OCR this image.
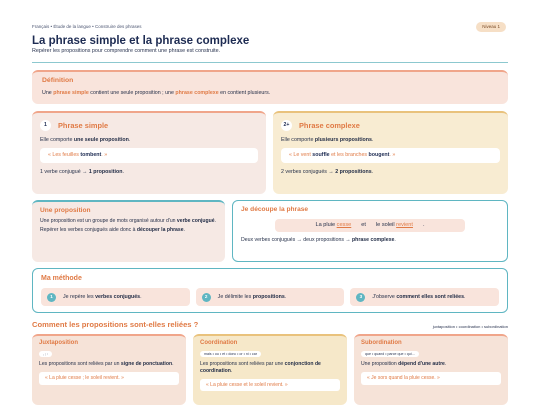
Français • Étude de la langue • Construire des phrases	Niveau 1
La phrase simple et la phrase complexe
Repérer les propositions pour comprendre comment une phrase est construite.
Définition
Une phrase simple contient une seule proposition ; une phrase complexe en contient plusieurs.
1	Phrase simple
Elle comporte une seule proposition.
« Les feuilles tombent. »
1 verbe conjugué → 1 proposition.
2+	Phrase complexe
Elle comporte plusieurs propositions.
« Le vent souffle et les branches bougent. »
2 verbes conjugués → 2 propositions.
Une proposition
Une proposition est un groupe de mots organisé autour d'un verbe conjugué.
Repérer les verbes conjugués aide donc à découper la phrase.
Je découpe la phrase
La pluie cesse et le soleil revient .
Deux verbes conjugués → deux propositions → phrase complexe.
Ma méthode
1	Je repère les verbes conjugués.	2	Je délimite les propositions.	3	J'observe comment elles sont reliées.
Comment les propositions sont-elles reliées ?	juxtaposition • coordination • subordination
Juxtaposition
, ; :
Les propositions sont reliées par un signe de ponctuation.
« La pluie cesse ; le soleil revient. »
Coordination
mais • ou • et • donc • or • ni • car
Les propositions sont reliées par une conjonction de coordination.
« La pluie cesse et le soleil revient. »
Subordination
que • quand • parce que • qui…
Une proposition dépend d'une autre.
« Je sors quand la pluie cesse. »
